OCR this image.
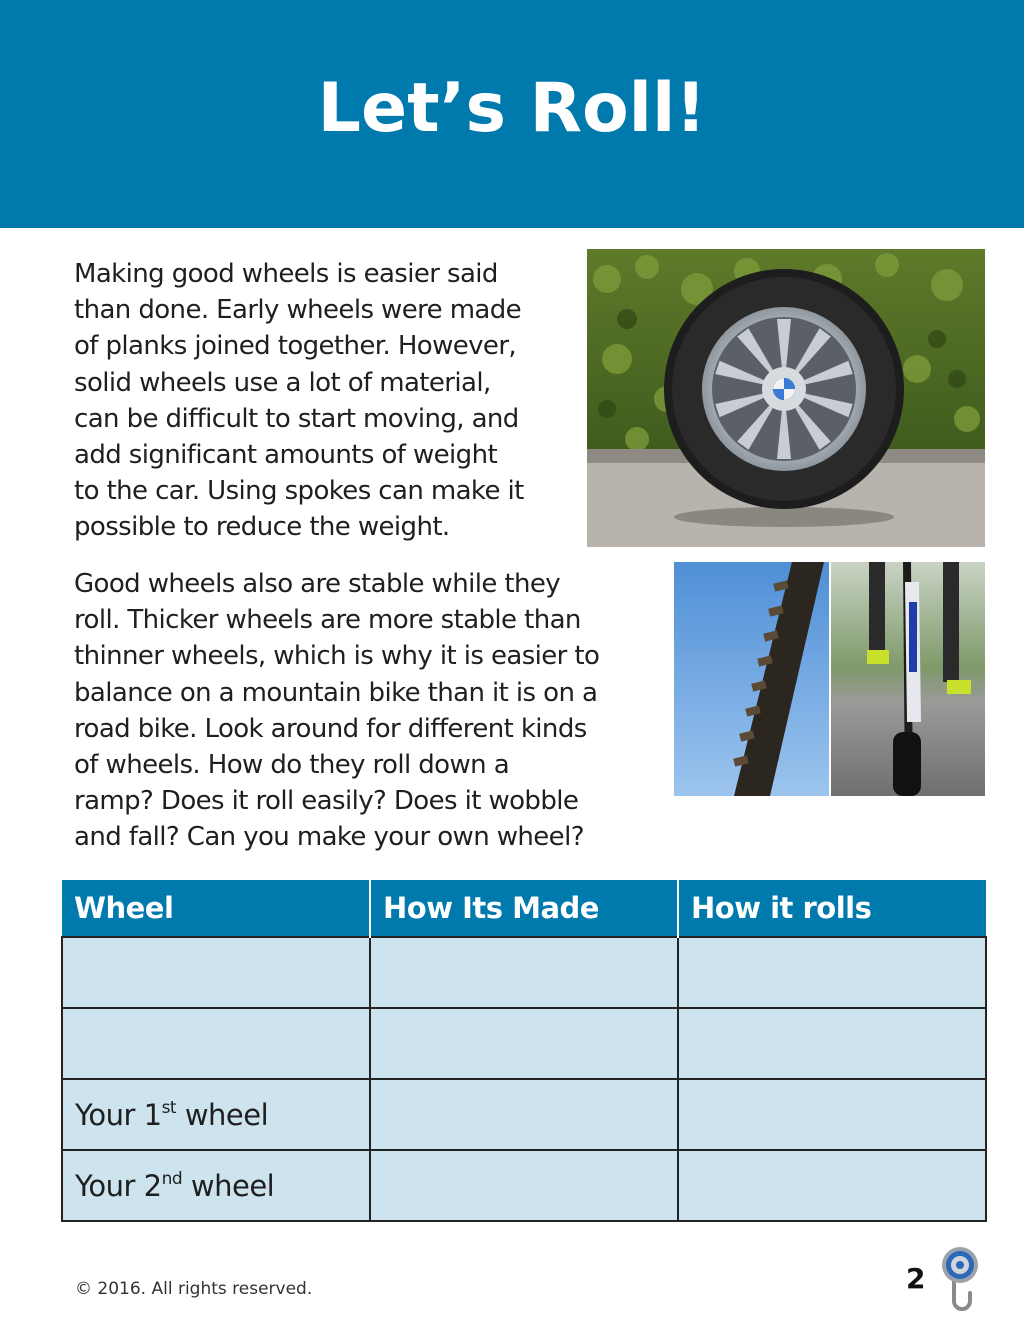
Let’s Roll!

Making good wheels is easier said
than done. Early wheels were made
of planks joined together. However,
solid wheels use a lot of material,
can be difficult to start moving, and
add significant amounts of weight
to the car. Using spokes can make it
possible to reduce the weight.

Good wheels also are stable while they
roll. Thicker wheels are more stable than
thinner wheels, which is why it is easier to
balance on a mountain bike than it is on a
road bike. Look around for different kinds
of wheels. How do they roll down a
ramp? Does it roll easily? Does it wobble
and fall? Can you make your own wheel?

Wheel	How Its Made	How it rolls

Your 1st wheel		
Your 2nd wheel		
© 2016. All rights reserved.	2
